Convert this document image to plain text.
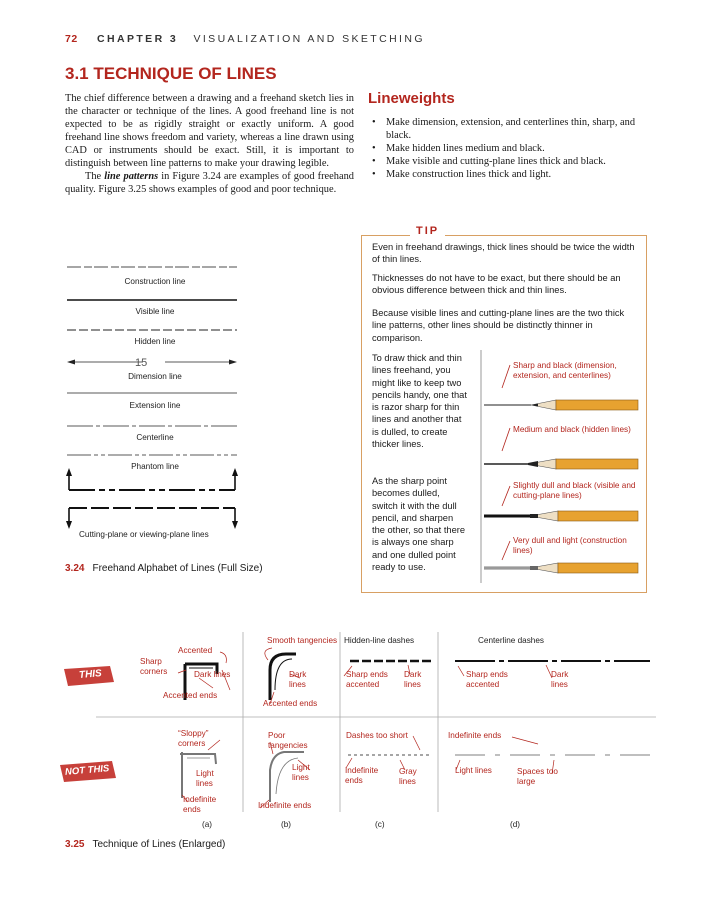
72 CHAPTER 3 VISUALIZATION AND SKETCHING
3.1 TECHNIQUE OF LINES

The chief difference between a drawing and a freehand sketch lies in the character or technique of the lines. A good freehand line is not expected to be as rigidly straight or exactly uniform. A good freehand line shows freedom and variety, whereas a line drawn using CAD or instruments should be exact. Still, it is important to distinguish between line patterns to make your drawing legible.

The line patterns in Figure 3.24 are examples of good freehand quality. Figure 3.25 shows examples of good and poor technique.

Lineweights
• Make dimension, extension, and centerlines thin, sharp, and black.
• Make hidden lines medium and black.
• Make visible and cutting-plane lines thick and black.
• Make construction lines thick and light.
TIP
Even in freehand drawings, thick lines should be twice the width of thin lines.
Thicknesses do not have to be exact, but there should be an obvious difference between thick and thin lines.
Because visible lines and cutting-plane lines are the two thick line patterns, other lines should be distinctly thinner in comparison.
To draw thick and thin lines freehand, you might like to keep two pencils handy, one that is razor sharp for thin lines and another that is dulled, to create thicker lines.
As the sharp point becomes dulled, switch it with the dull pencil, and sharpen the other, so that there is always one sharp and one dulled point ready to use.
Sharp and black (dimension, extension, and centerlines)
Medium and black (hidden lines)
Slightly dull and black (visible and cutting-plane lines)
Very dull and light (construction lines)
15
Construction line
Visible line
Hidden line
Dimension line
Extension line
Centerline
Phantom line
Cutting-plane or viewing-plane lines
3.24 Freehand Alphabet of Lines (Full Size)
THIS
NOT THIS
Smooth tangencies Hidden-line dashes	Centerline dashes
Accented
Sharp corners	Dark lines
Accented ends
Dark lines
Accented ends
Sharp ends accented
Dark lines
Sharp ends accented
Dark lines
“Sloppy” corners
Light lines
Indefinite ends
Poor tangencies
Light lines
Indefinite ends
Dashes too short
Indefinite ends
Gray lines
Indefinite ends
Light lines	Spaces too large
(a)	(b)	(c)	(d)
3.25 Technique of Lines (Enlarged)
